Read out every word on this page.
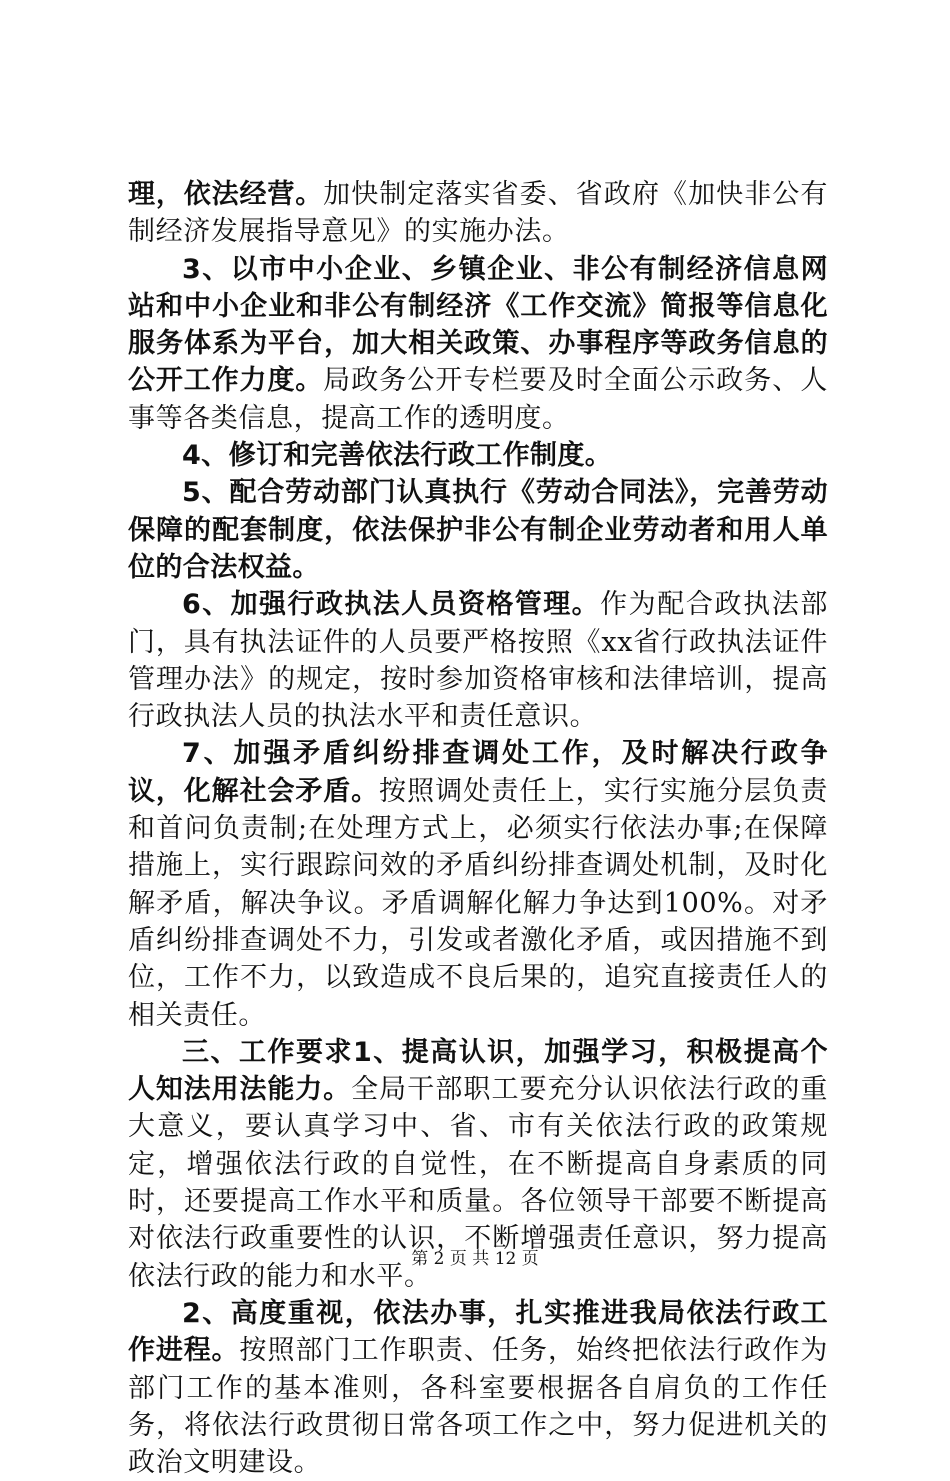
理，依法经营。加快制定落实省委、省政府《加快非公有制经济发展指导意见》的实施办法。

3、以市中小企业、乡镇企业、非公有制经济信息网站和中小企业和非公有制经济《工作交流》简报等信息化服务体系为平台，加大相关政策、办事程序等政务信息的公开工作力度。局政务公开专栏要及时全面公示政务、人事等各类信息，提高工作的透明度。

4、修订和完善依法行政工作制度。

5、配合劳动部门认真执行《劳动合同法》，完善劳动保障的配套制度，依法保护非公有制企业劳动者和用人单位的合法权益。

6、加强行政执法人员资格管理。作为配合政执法部门，具有执法证件的人员要严格按照《xx省行政执法证件管理办法》的规定，按时参加资格审核和法律培训，提高行政执法人员的执法水平和责任意识。

7、加强矛盾纠纷排查调处工作，及时解决行政争议，化解社会矛盾。按照调处责任上，实行实施分层负责和首问负责制;在处理方式上，必须实行依法办事;在保障措施上，实行跟踪问效的矛盾纠纷排查调处机制，及时化解矛盾，解决争议。矛盾调解化解力争达到100%。对矛盾纠纷排查调处不力，引发或者激化矛盾，或因措施不到位，工作不力，以致造成不良后果的，追究直接责任人的相关责任。

三、工作要求1、提高认识，加强学习，积极提高个人知法用法能力。全局干部职工要充分认识依法行政的重大意义，要认真学习中、省、市有关依法行政的政策规定，增强依法行政的自觉性，在不断提高自身素质的同时，还要提高工作水平和质量。各位领导干部要不断提高对依法行政重要性的认识，不断增强责任意识，努力提高依法行政的能力和水平。

2、高度重视，依法办事，扎实推进我局依法行政工作进程。按照部门工作职责、任务，始终把依法行政作为部门工作的基本准则，各科室要根据各自肩负的工作任务，将依法行政贯彻日常各项工作之中，努力促进机关的政治文明建设。

第 2 页 共 12 页
